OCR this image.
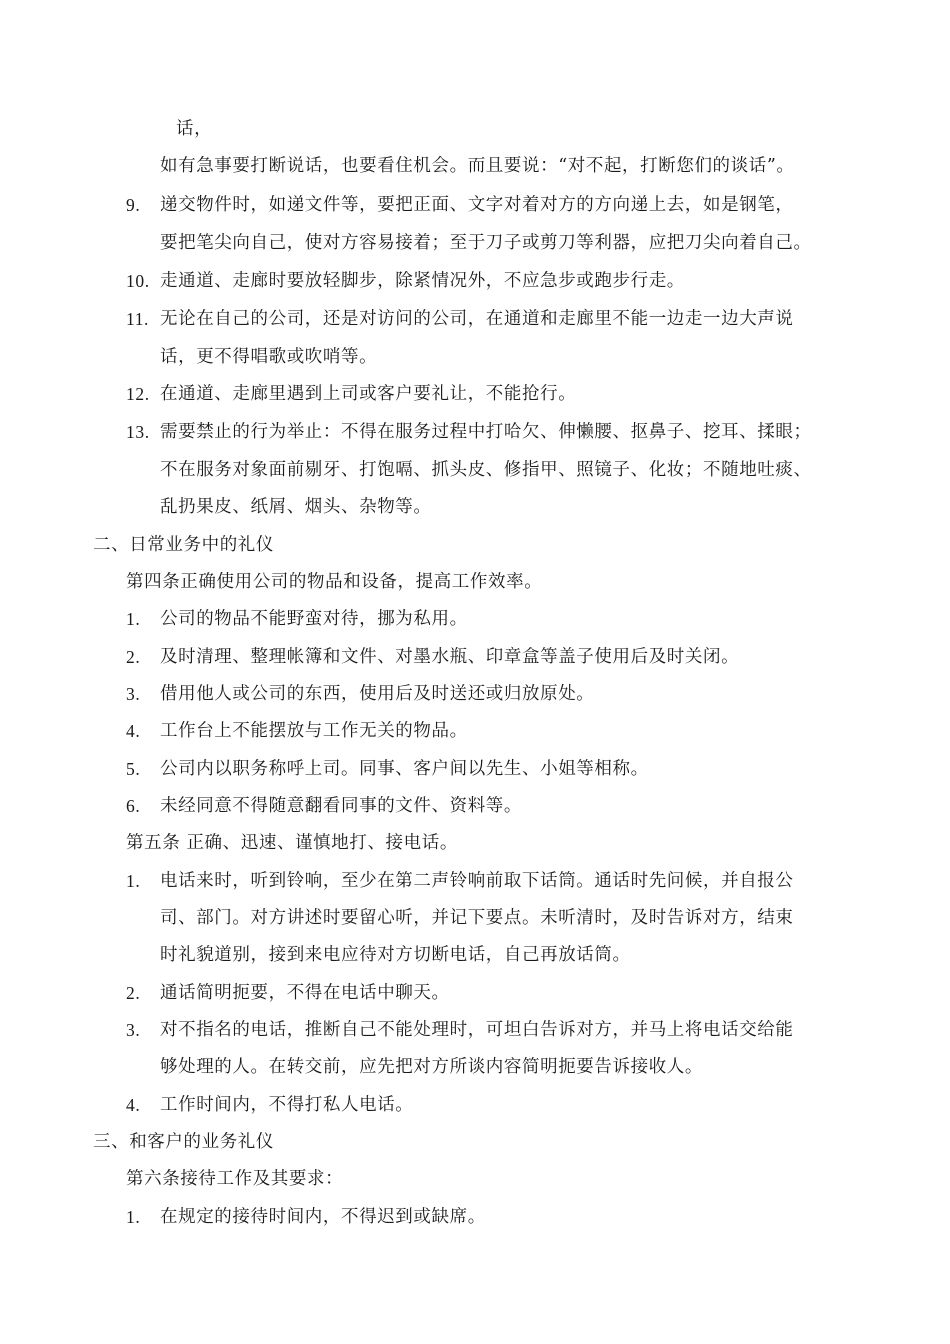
话，
如有急事要打断说话，也要看住机会。而且要说：“对不起，打断您们的谈话”。
9. 递交物件时，如递文件等，要把正面、文字对着对方的方向递上去，如是钢笔，
要把笔尖向自己，使对方容易接着；至于刀子或剪刀等利器，应把刀尖向着自己。
10. 走通道、走廊时要放轻脚步，除紧情况外，不应急步或跑步行走。
11. 无论在自己的公司，还是对访问的公司，在通道和走廊里不能一边走一边大声说
话，更不得唱歌或吹哨等。
12. 在通道、走廊里遇到上司或客户要礼让，不能抢行。
13. 需要禁止的行为举止：不得在服务过程中打哈欠、伸懒腰、抠鼻子、挖耳、揉眼；
不在服务对象面前剔牙、打饱嗝、抓头皮、修指甲、照镜子、化妆；不随地吐痰、
乱扔果皮、纸屑、烟头、杂物等。
二、日常业务中的礼仪
第四条正确使用公司的物品和设备，提高工作效率。
1. 公司的物品不能野蛮对待，挪为私用。
2. 及时清理、整理帐簿和文件、对墨水瓶、印章盒等盖子使用后及时关闭。
3. 借用他人或公司的东西，使用后及时送还或归放原处。
4. 工作台上不能摆放与工作无关的物品。
5. 公司内以职务称呼上司。同事、客户间以先生、小姐等相称。
6. 未经同意不得随意翻看同事的文件、资料等。
第五条 正确、迅速、谨慎地打、接电话。
1. 电话来时，听到铃响，至少在第二声铃响前取下话筒。通话时先问候，并自报公
司、部门。对方讲述时要留心听，并记下要点。未听清时，及时告诉对方，结束
时礼貌道别，接到来电应待对方切断电话，自己再放话筒。
2. 通话简明扼要，不得在电话中聊天。
3. 对不指名的电话，推断自己不能处理时，可坦白告诉对方，并马上将电话交给能
够处理的人。在转交前，应先把对方所谈内容简明扼要告诉接收人。
4. 工作时间内，不得打私人电话。
三、和客户的业务礼仪
第六条接待工作及其要求：
1. 在规定的接待时间内，不得迟到或缺席。
